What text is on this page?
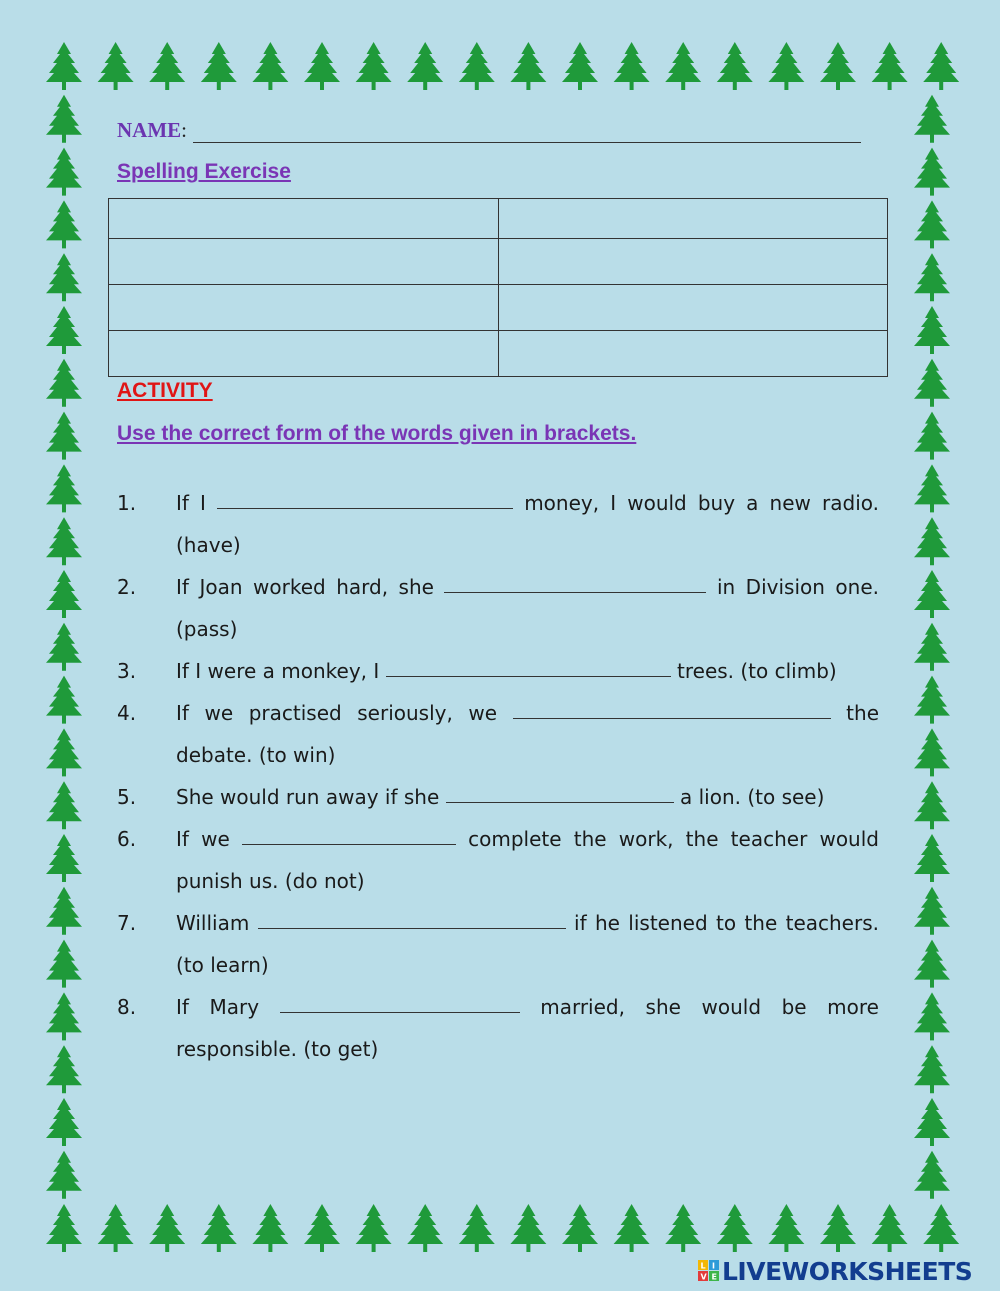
NAME:
Spelling Exercise

ACTIVITY
Use the correct form of the words given in brackets.
1.	If I	money, I would buy a new radio. (have)
2.	If Joan worked hard, she	in Division one. (pass)
3.	If I were a monkey, I	trees. (to climb)
4.	If we practised seriously, we	the debate. (to win)
5.	She would run away if she	a lion. (to see)
6.	If we	complete the work, the teacher would punish us. (do not)
7.	William	if he listened to the teachers. (to learn)
8.	If Mary	married, she would be more responsible. (to get)
L I
V E LIVEWORKSHEETS
